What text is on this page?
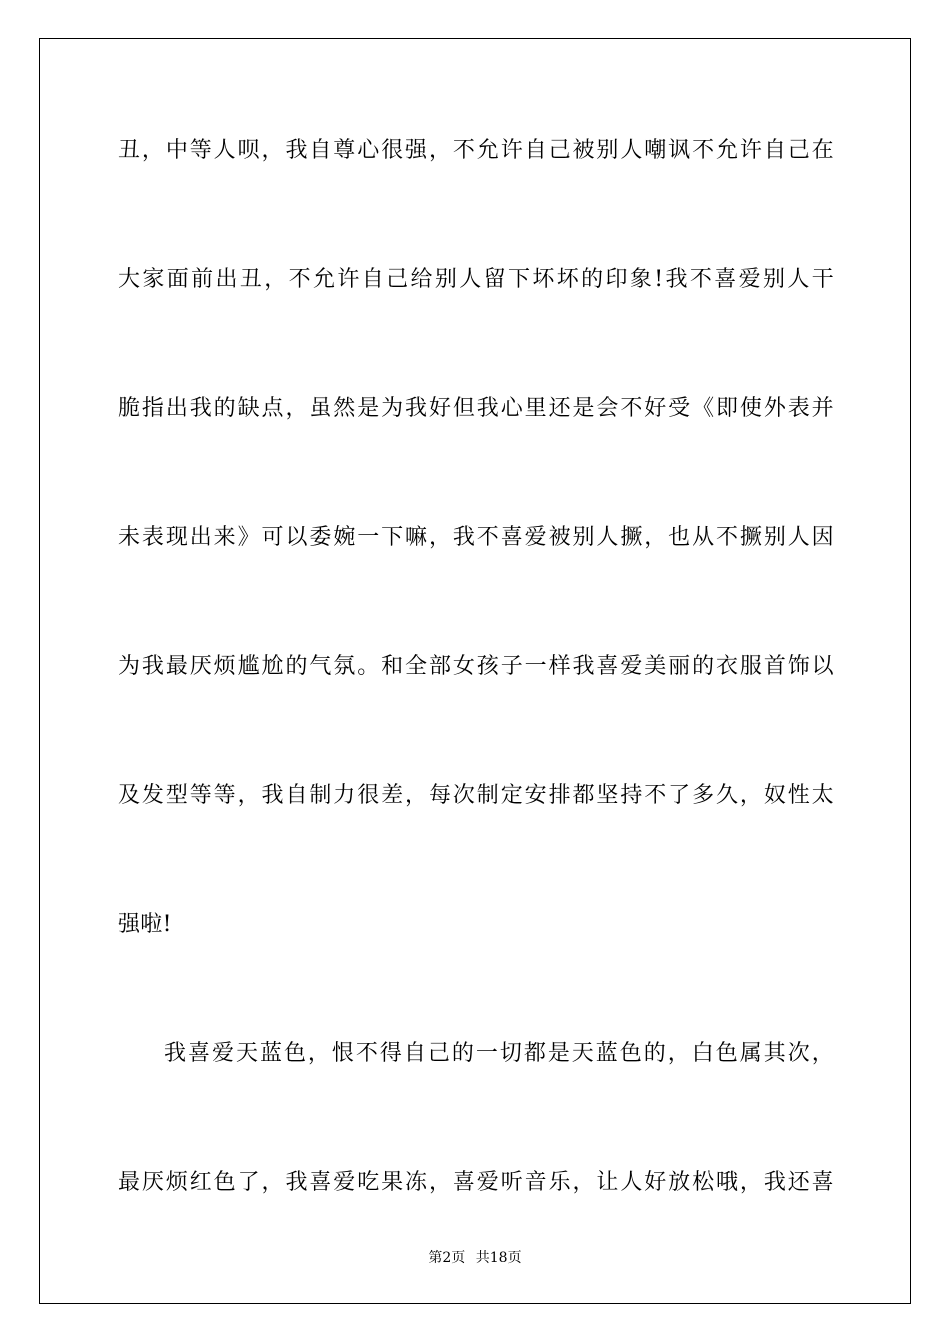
丑，中等人呗，我自尊心很强，不允许自己被别人嘲讽不允许自己在
大家面前出丑，不允许自己给别人留下坏坏的印象!我不喜爱别人干
脆指出我的缺点，虽然是为我好但我心里还是会不好受《即使外表并
未表现出来》可以委婉一下嘛，我不喜爱被别人撅，也从不撅别人因
为我最厌烦尴尬的气氛。和全部女孩子一样我喜爱美丽的衣服首饰以
及发型等等，我自制力很差，每次制定安排都坚持不了多久，奴性太
强啦!
我喜爱天蓝色，恨不得自己的一切都是天蓝色的，白色属其次，
最厌烦红色了，我喜爱吃果冻，喜爱听音乐，让人好放松哦，我还喜
第2页 共18页
